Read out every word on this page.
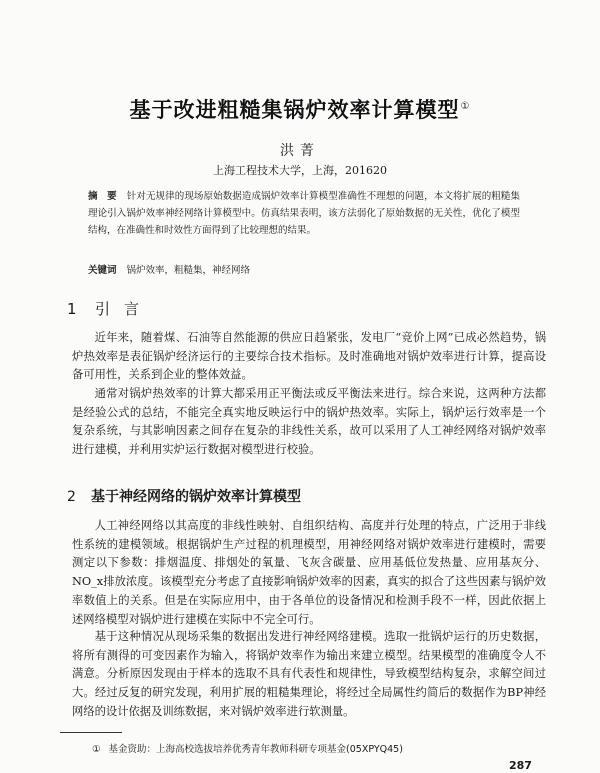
基于改进粗糙集锅炉效率计算模型①
洪菁
上海工程技术大学，上海，201620
摘　要 针对无规律的现场原始数据造成锅炉效率计算模型准确性不理想的问题，本文将扩展的粗糙集理论引入锅炉效率神经网络计算模型中。仿真结果表明，该方法弱化了原始数据的无关性，优化了模型结构，在准确性和时效性方面得到了比较理想的结果。
关键词 锅炉效率，粗糙集，神经网络
1 引言
近年来，随着煤、石油等自然能源的供应日趋紧张，发电厂“竞价上网”已成必然趋势，锅炉热效率是表征锅炉经济运行的主要综合技术指标。及时准确地对锅炉效率进行计算，提高设备可用性，关系到企业的整体效益。
通常对锅炉热效率的计算大都采用正平衡法或反平衡法来进行。综合来说，这两种方法都是经验公式的总结，不能完全真实地反映运行中的锅炉热效率。实际上，锅炉运行效率是一个复杂系统，与其影响因素之间存在复杂的非线性关系，故可以采用了人工神经网络对锅炉效率进行建模，并利用实炉运行数据对模型进行校验。
2 基于神经网络的锅炉效率计算模型
人工神经网络以其高度的非线性映射、自组织结构、高度并行处理的特点，广泛用于非线性系统的建模领域。根据锅炉生产过程的机理模型，用神经网络对锅炉效率进行建模时，需要测定以下参数：排烟温度、排烟处的氧量、飞灰含碳量、应用基低位发热量、应用基灰分、NO_x排放浓度。该模型充分考虑了直接影响锅炉效率的因素，真实的拟合了这些因素与锅炉效率数值上的关系。但是在实际应用中，由于各单位的设备情况和检测手段不一样，因此依据上述网络模型对锅炉进行建模在实际中不完全可行。
基于这种情况从现场采集的数据出发进行神经网络建模。选取一批锅炉运行的历史数据，将所有测得的可变因素作为输入，将锅炉效率作为输出来建立模型。结果模型的准确度令人不满意。分析原因发现由于样本的选取不具有代表性和规律性，导致模型结构复杂，求解空间过大。经过反复的研究发现，利用扩展的粗糙集理论，将经过全局属性约简后的数据作为BP神经网络的设计依据及训练数据，来对锅炉效率进行软测量。
① 基金资助：上海高校选拔培养优秀青年教师科研专项基金(05XPYQ45)
287
